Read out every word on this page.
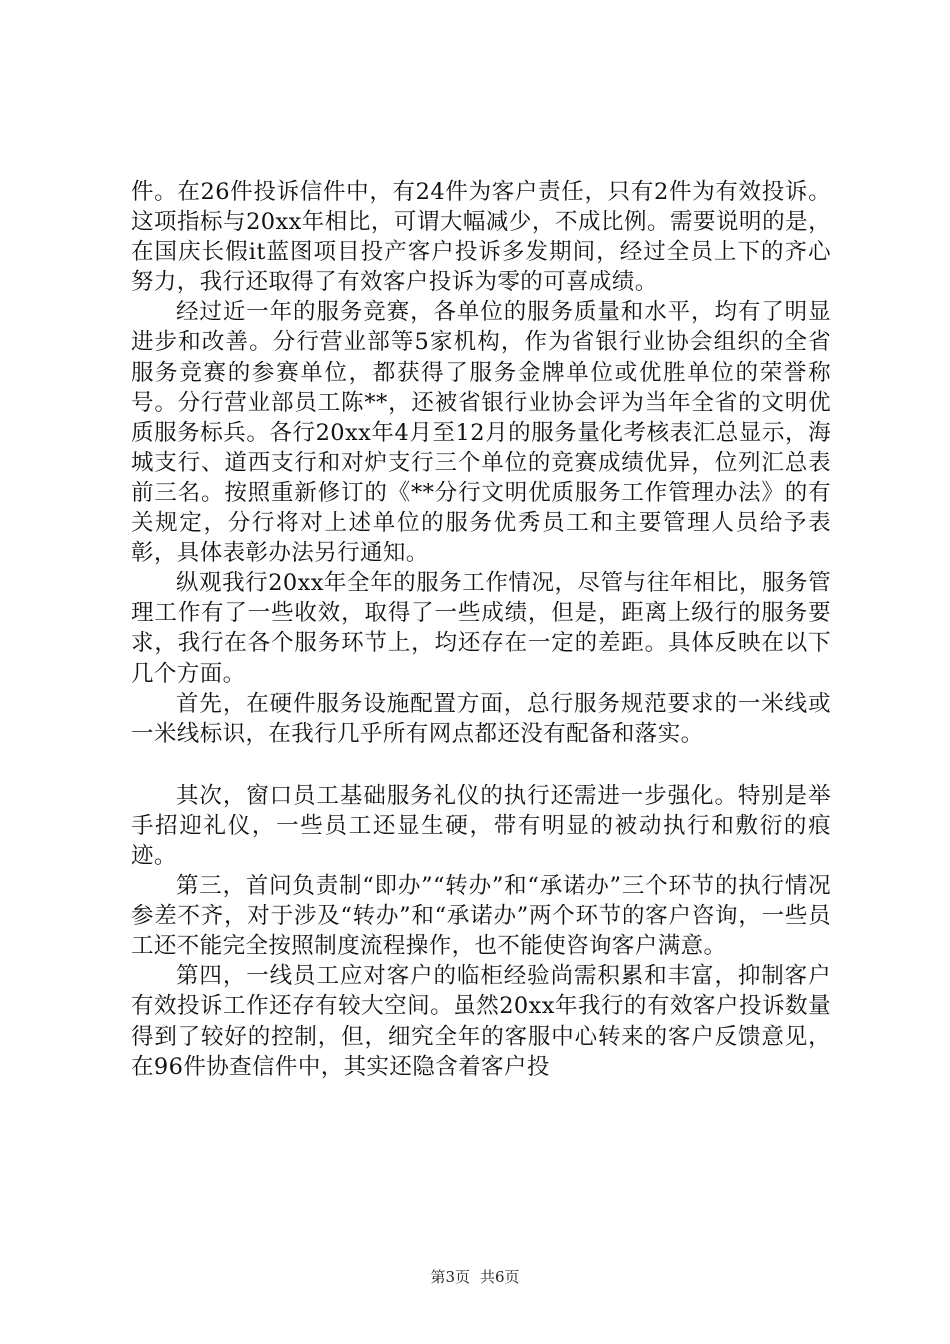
件。在26件投诉信件中，有24件为客户责任，只有2件为有效投诉。这项指标与20xx年相比，可谓大幅减少，不成比例。需要说明的是，在国庆长假it蓝图项目投产客户投诉多发期间，经过全员上下的齐心努力，我行还取得了有效客户投诉为零的可喜成绩。

经过近一年的服务竞赛，各单位的服务质量和水平，均有了明显进步和改善。分行营业部等5家机构，作为省银行业协会组织的全省服务竞赛的参赛单位，都获得了服务金牌单位或优胜单位的荣誉称号。分行营业部员工陈**，还被省银行业协会评为当年全省的文明优质服务标兵。各行20xx年4月至12月的服务量化考核表汇总显示，海城支行、道西支行和对炉支行三个单位的竞赛成绩优异，位列汇总表前三名。按照重新修订的《**分行文明优质服务工作管理办法》的有关规定，分行将对上述单位的服务优秀员工和主要管理人员给予表彰，具体表彰办法另行通知。

纵观我行20xx年全年的服务工作情况，尽管与往年相比，服务管理工作有了一些收效，取得了一些成绩，但是，距离上级行的服务要求，我行在各个服务环节上，均还存在一定的差距。具体反映在以下几个方面。

首先，在硬件服务设施配置方面，总行服务规范要求的一米线或一米线标识，在我行几乎所有网点都还没有配备和落实。

其次，窗口员工基础服务礼仪的执行还需进一步强化。特别是举手招迎礼仪，一些员工还显生硬，带有明显的被动执行和敷衍的痕迹。

第三，首问负责制“即办”“转办”和“承诺办”三个环节的执行情况参差不齐，对于涉及“转办”和“承诺办”两个环节的客户咨询，一些员工还不能完全按照制度流程操作，也不能使咨询客户满意。

第四，一线员工应对客户的临柜经验尚需积累和丰富，抑制客户有效投诉工作还存有较大空间。虽然20xx年我行的有效客户投诉数量得到了较好的控制，但，细究全年的客服中心转来的客户反馈意见，在96件协查信件中，其实还隐含着客户投

第3页 共6页
